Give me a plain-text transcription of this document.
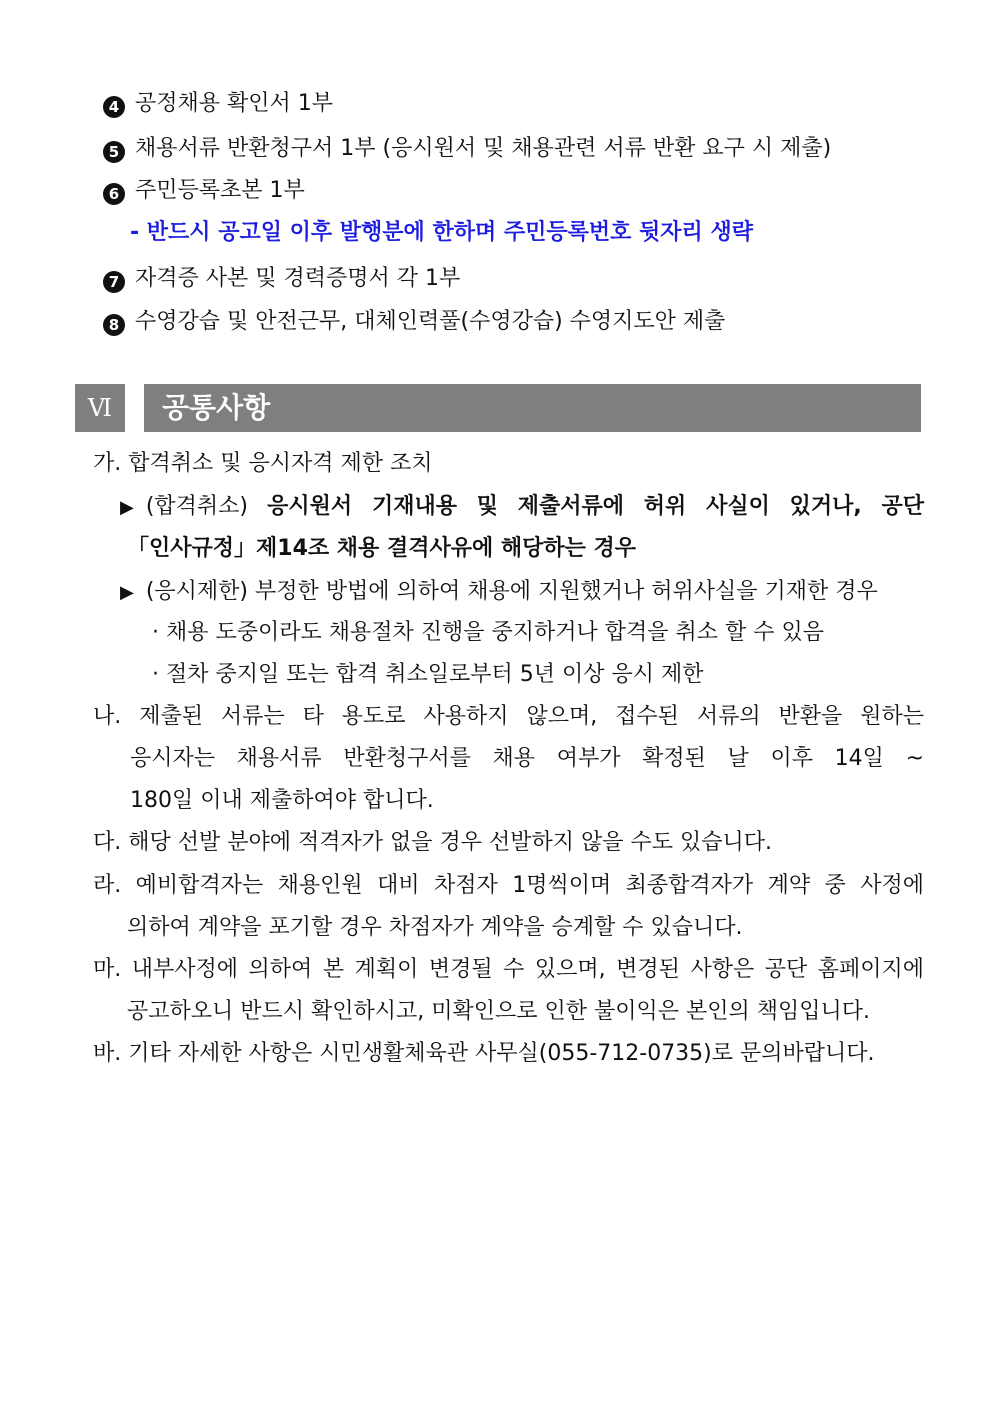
4 공정채용 확인서 1부
5 채용서류 반환청구서 1부 (응시원서 및 채용관련 서류 반환 요구 시 제출)
6 주민등록초본 1부
- 반드시 공고일 이후 발행분에 한하며 주민등록번호 뒷자리 생략
7 자격증 사본 및 경력증명서 각 1부
8 수영강습 및 안전근무, 대체인력풀(수영강습) 수영지도안 제출
Ⅵ	공통사항
가. 합격취소 및 응시자격 제한 조치
▶ (합격취소) 응시원서 기재내용 및 제출서류에 허위 사실이 있거나, 공단
「인사규정」제14조 채용 결격사유에 해당하는 경우
▶ (응시제한) 부정한 방법에 의하여 채용에 지원했거나 허위사실을 기재한 경우
· 채용 도중이라도 채용절차 진행을 중지하거나 합격을 취소 할 수 있음
· 절차 중지일 또는 합격 취소일로부터 5년 이상 응시 제한
나. 제출된 서류는 타 용도로 사용하지 않으며, 접수된 서류의 반환을 원하는
응시자는 채용서류 반환청구서를 채용 여부가 확정된 날 이후 14일 ~
180일 이내 제출하여야 합니다.
다. 해당 선발 분야에 적격자가 없을 경우 선발하지 않을 수도 있습니다.
라. 예비합격자는 채용인원 대비 차점자 1명씩이며 최종합격자가 계약 중 사정에
의하여 계약을 포기할 경우 차점자가 계약을 승계할 수 있습니다.
마. 내부사정에 의하여 본 계획이 변경될 수 있으며, 변경된 사항은 공단 홈페이지에
공고하오니 반드시 확인하시고, 미확인으로 인한 불이익은 본인의 책임입니다.
바. 기타 자세한 사항은 시민생활체육관 사무실(055-712-0735)로 문의바랍니다.
